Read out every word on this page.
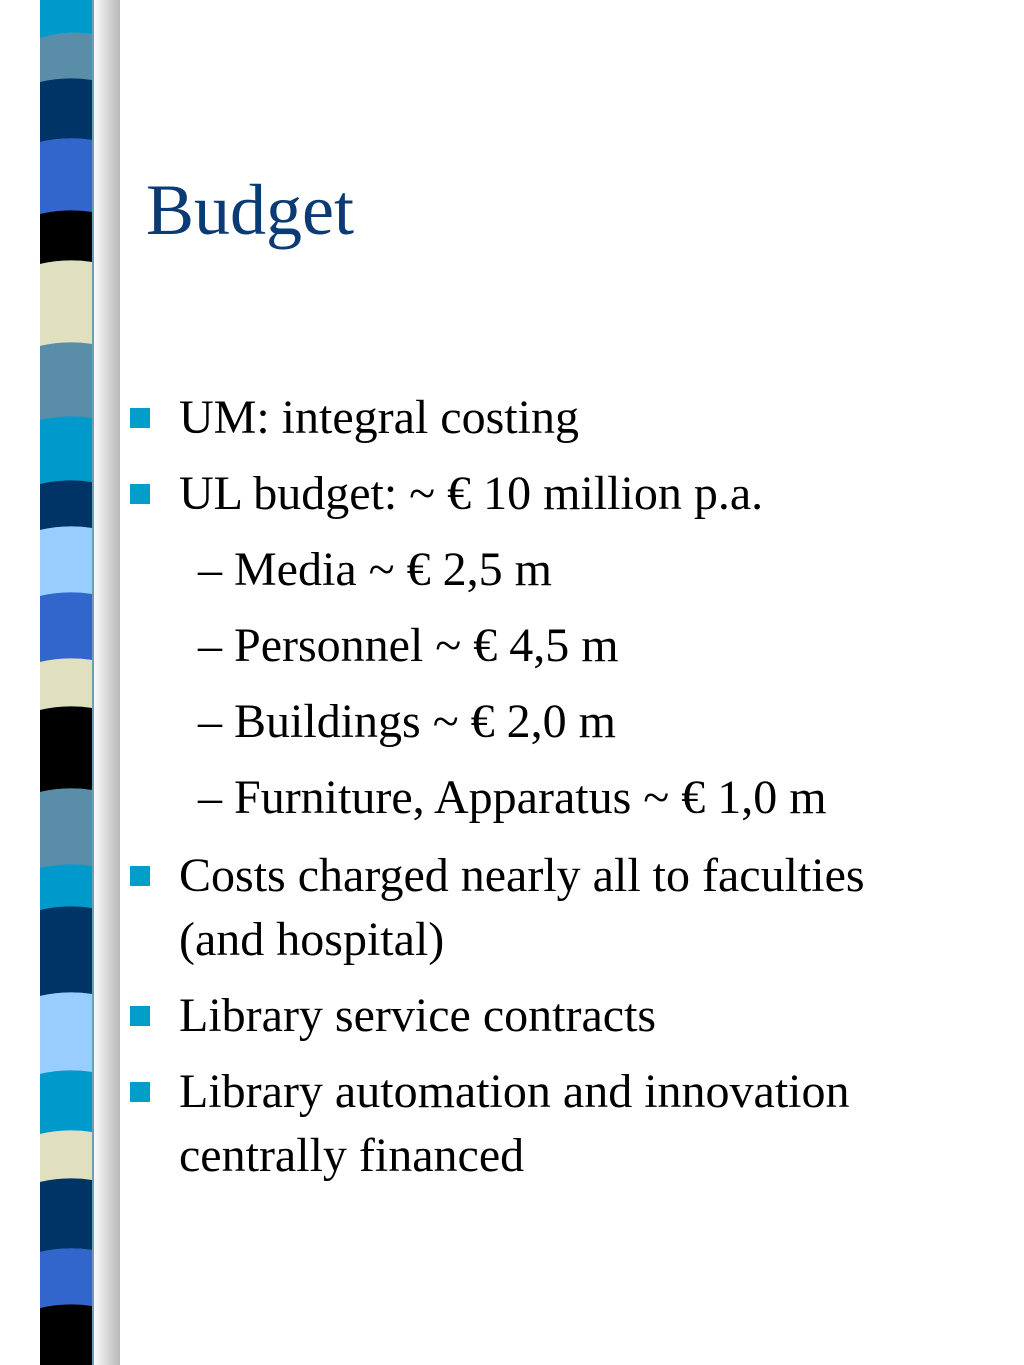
Budget
UM: integral costing
UL budget: ~ € 10 million p.a.
– Media ~ € 2,5 m
– Personnel ~ € 4,5 m
– Buildings ~ € 2,0 m
– Furniture, Apparatus ~ € 1,0 m
Costs charged nearly all to faculties
(and hospital)
Library service contracts
Library automation and innovation
centrally financed
